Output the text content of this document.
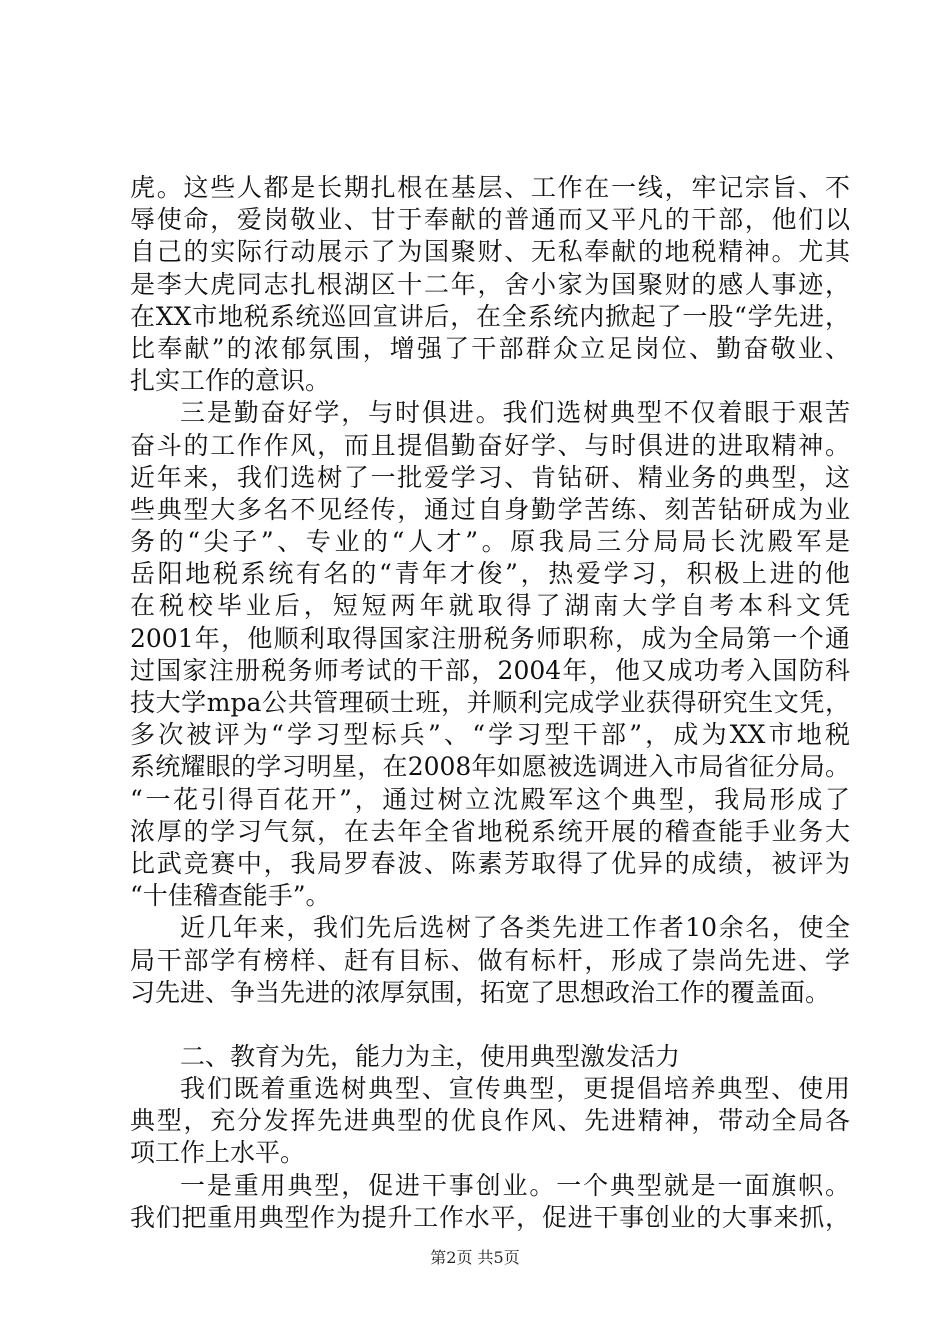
虎。这些人都是长期扎根在基层、工作在一线，牢记宗旨、不
辱使命，爱岗敬业、甘于奉献的普通而又平凡的干部，他们以
自己的实际行动展示了为国聚财、无私奉献的地税精神。尤其
是李大虎同志扎根湖区十二年，舍小家为国聚财的感人事迹，
在XX市地税系统巡回宣讲后，在全系统内掀起了一股“学先进，
比奉献”的浓郁氛围，增强了干部群众立足岗位、勤奋敬业、
扎实工作的意识。
三是勤奋好学，与时俱进。我们选树典型不仅着眼于艰苦
奋斗的工作作风，而且提倡勤奋好学、与时俱进的进取精神。
近年来，我们选树了一批爱学习、肯钻研、精业务的典型，这
些典型大多名不见经传，通过自身勤学苦练、刻苦钻研成为业
务的“尖子”、专业的“人才”。原我局三分局局长沈殿军是
岳阳地税系统有名的“青年才俊”，热爱学习，积极上进的他
在税校毕业后，短短两年就取得了湖南大学自考本科文凭
2001年，他顺利取得国家注册税务师职称，成为全局第一个通
过国家注册税务师考试的干部，2004年，他又成功考入国防科
技大学mpa公共管理硕士班，并顺利完成学业获得研究生文凭，
多次被评为“学习型标兵”、“学习型干部”，成为XX市地税
系统耀眼的学习明星，在2008年如愿被选调进入市局省征分局。
“一花引得百花开”，通过树立沈殿军这个典型，我局形成了
浓厚的学习气氛，在去年全省地税系统开展的稽查能手业务大
比武竞赛中，我局罗春波、陈素芳取得了优异的成绩，被评为
“十佳稽查能手”。
近几年来，我们先后选树了各类先进工作者10余名，使全
局干部学有榜样、赶有目标、做有标杆，形成了崇尚先进、学
习先进、争当先进的浓厚氛围，拓宽了思想政治工作的覆盖面。
二、教育为先，能力为主，使用典型激发活力
我们既着重选树典型、宣传典型，更提倡培养典型、使用
典型，充分发挥先进典型的优良作风、先进精神，带动全局各
项工作上水平。
一是重用典型，促进干事创业。一个典型就是一面旗帜。
我们把重用典型作为提升工作水平，促进干事创业的大事来抓，
第2页 共5页
